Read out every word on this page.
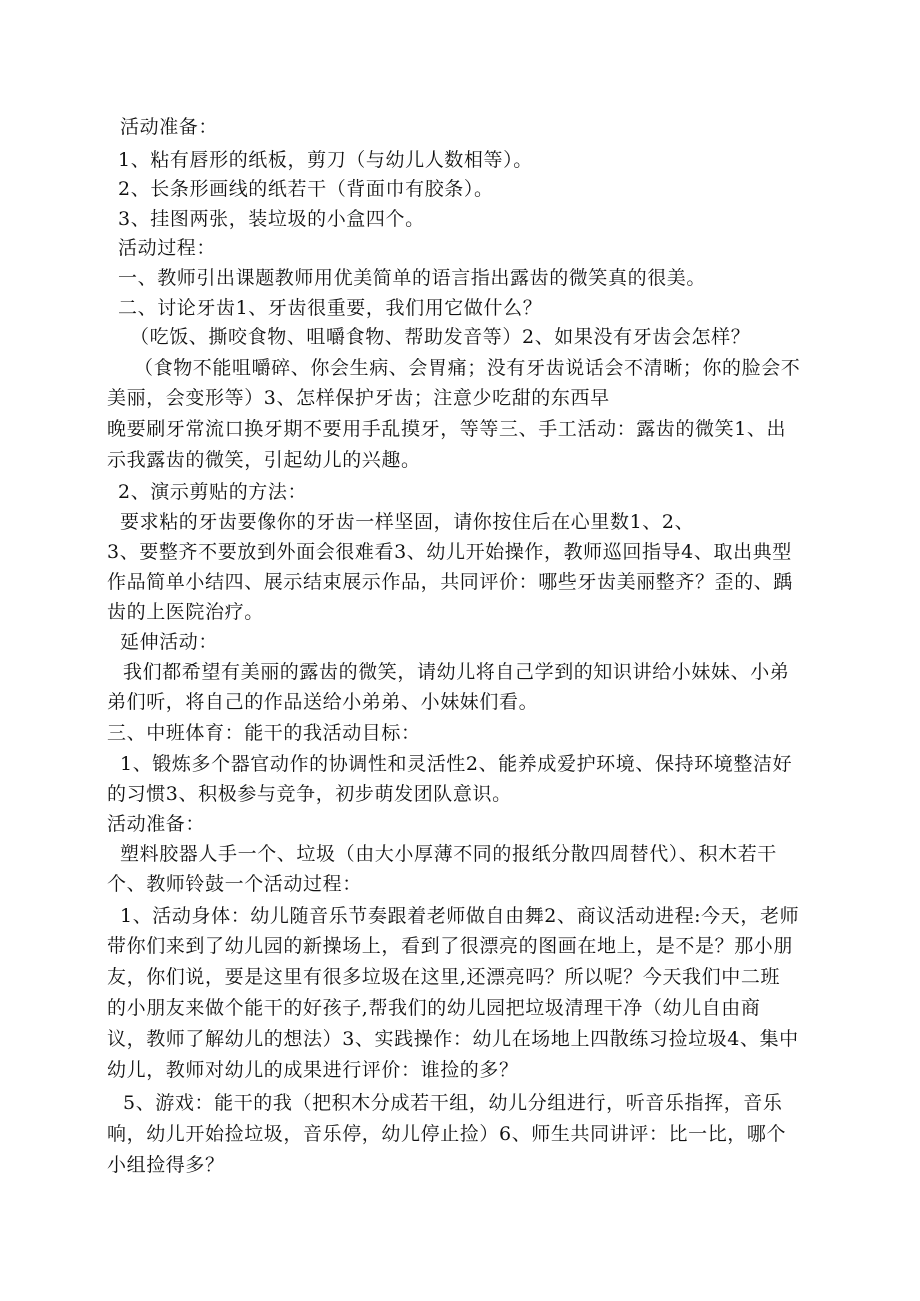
活动准备：
1、粘有唇形的纸板，剪刀（与幼儿人数相等）。
2、长条形画线的纸若干（背面巾有胶条）。
3、挂图两张，装垃圾的小盒四个。
活动过程：
一、教师引出课题教师用优美简单的语言指出露齿的微笑真的很美。
二、讨论牙齿1、牙齿很重要，我们用它做什么？
（吃饭、撕咬食物、咀嚼食物、帮助发音等）2、如果没有牙齿会怎样？
（食物不能咀嚼碎、你会生病、会胃痛；没有牙齿说话会不清晰；你的脸会不
美丽，会变形等）3、怎样保护牙齿；注意少吃甜的东西早
晚要刷牙常流口换牙期不要用手乱摸牙，等等三、手工活动：露齿的微笑1、出
示我露齿的微笑，引起幼儿的兴趣。
2、演示剪贴的方法：
要求粘的牙齿要像你的牙齿一样坚固，请你按住后在心里数1、2、
3、要整齐不要放到外面会很难看3、幼儿开始操作，教师巡回指导4、取出典型
作品简单小结四、展示结束展示作品，共同评价：哪些牙齿美丽整齐？歪的、踽
齿的上医院治疗。
延伸活动：
我们都希望有美丽的露齿的微笑，请幼儿将自己学到的知识讲给小妹妹、小弟
弟们听，将自己的作品送给小弟弟、小妹妹们看。
三、中班体育：能干的我活动目标：
1、锻炼多个器官动作的协调性和灵活性2、能养成爱护环境、保持环境整洁好
的习惯3、积极参与竞争，初步萌发团队意识。
活动准备：
塑料胶器人手一个、垃圾（由大小厚薄不同的报纸分散四周替代）、积木若干
个、教师铃鼓一个活动过程：
1、活动身体：幼儿随音乐节奏跟着老师做自由舞2、商议活动进程:今天，老师
带你们来到了幼儿园的新操场上，看到了很漂亮的图画在地上，是不是？那小朋
友，你们说，要是这里有很多垃圾在这里,还漂亮吗？所以呢？今天我们中二班
的小朋友来做个能干的好孩子,帮我们的幼儿园把垃圾清理干净（幼儿自由商
议，教师了解幼儿的想法）3、实践操作：幼儿在场地上四散练习捡垃圾4、集中
幼儿，教师对幼儿的成果进行评价：谁捡的多？
5、游戏：能干的我（把积木分成若干组，幼儿分组进行，听音乐指挥，音乐
响，幼儿开始捡垃圾，音乐停，幼儿停止捡）6、师生共同讲评：比一比，哪个
小组捡得多？
